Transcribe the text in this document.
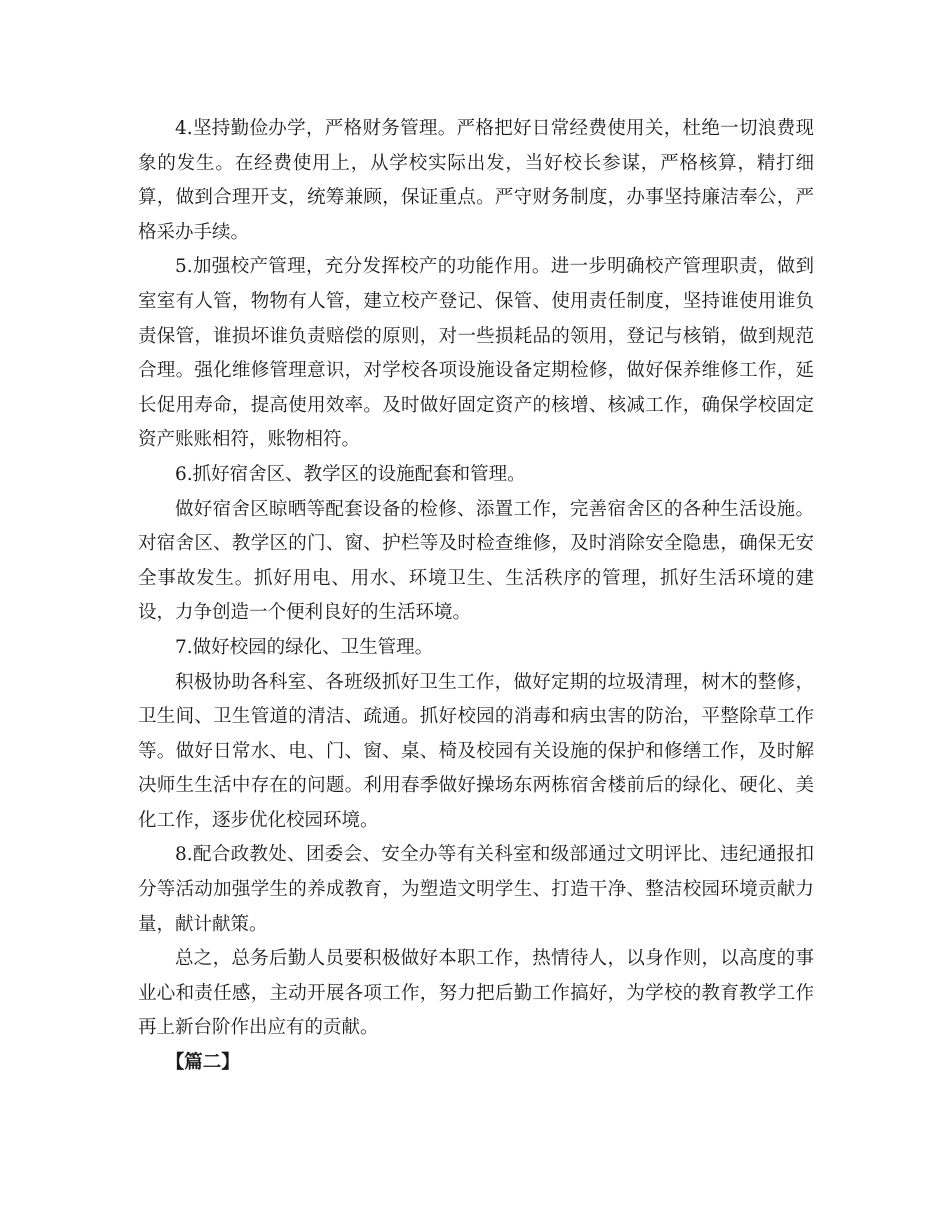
4.坚持勤俭办学，严格财务管理。严格把好日常经费使用关，杜绝一切浪费现象的发生。在经费使用上，从学校实际出发，当好校长参谋，严格核算，精打细算，做到合理开支，统筹兼顾，保证重点。严守财务制度，办事坚持廉洁奉公，严格采办手续。

5.加强校产管理，充分发挥校产的功能作用。进一步明确校产管理职责，做到室室有人管，物物有人管，建立校产登记、保管、使用责任制度，坚持谁使用谁负责保管，谁损坏谁负责赔偿的原则，对一些损耗品的领用，登记与核销，做到规范合理。强化维修管理意识，对学校各项设施设备定期检修，做好保养维修工作，延长促用寿命，提高使用效率。及时做好固定资产的核增、核减工作，确保学校固定资产账账相符，账物相符。

6.抓好宿舍区、教学区的设施配套和管理。

做好宿舍区晾晒等配套设备的检修、添置工作，完善宿舍区的各种生活设施。对宿舍区、教学区的门、窗、护栏等及时检查维修，及时消除安全隐患，确保无安全事故发生。抓好用电、用水、环境卫生、生活秩序的管理，抓好生活环境的建设，力争创造一个便利良好的生活环境。

7.做好校园的绿化、卫生管理。

积极协助各科室、各班级抓好卫生工作，做好定期的垃圾清理，树木的整修，卫生间、卫生管道的清洁、疏通。抓好校园的消毒和病虫害的防治，平整除草工作等。做好日常水、电、门、窗、桌、椅及校园有关设施的保护和修缮工作，及时解决师生生活中存在的问题。利用春季做好操场东两栋宿舍楼前后的绿化、硬化、美化工作，逐步优化校园环境。

8.配合政教处、团委会、安全办等有关科室和级部通过文明评比、违纪通报扣分等活动加强学生的养成教育，为塑造文明学生、打造干净、整洁校园环境贡献力量，献计献策。

总之，总务后勤人员要积极做好本职工作，热情待人，以身作则，以高度的事业心和责任感，主动开展各项工作，努力把后勤工作搞好，为学校的教育教学工作再上新台阶作出应有的贡献。

【篇二】
